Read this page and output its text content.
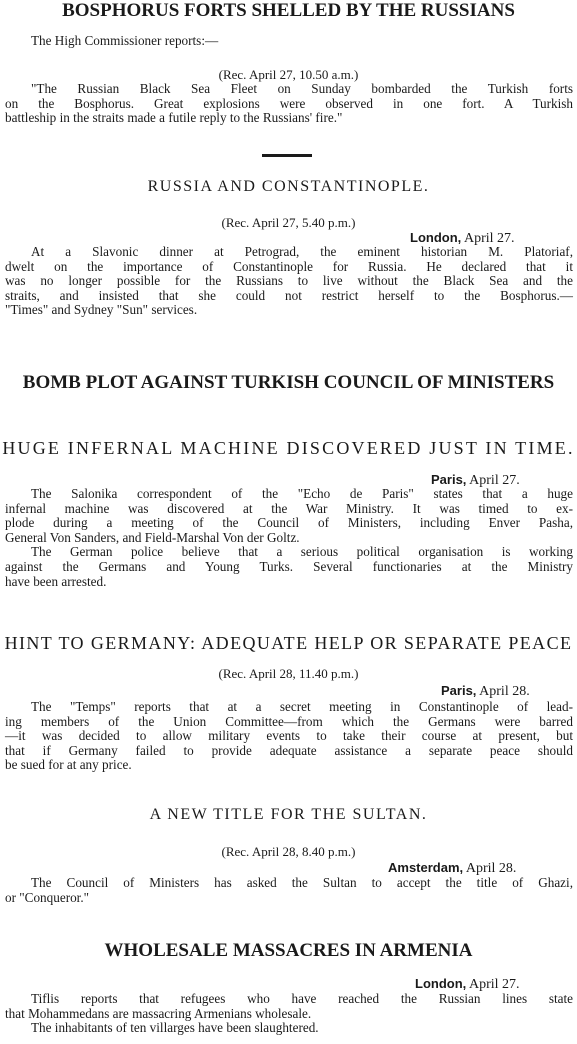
BOSPHORUS FORTS SHELLED BY THE RUSSIANS
The High Commissioner reports:—
(Rec. April 27, 10.50 a.m.)
"The Russian Black Sea Fleet on Sunday bombarded the Turkish forts
on the Bosphorus. Great explosions were observed in one fort. A Turkish
battleship in the straits made a futile reply to the Russians' fire."
RUSSIA AND CONSTANTINOPLE.
(Rec. April 27, 5.40 p.m.)
London, April 27.
At a Slavonic dinner at Petrograd, the eminent historian M. Platoriaf,
dwelt on the importance of Constantinople for Russia. He declared that it
was no longer possible for the Russians to live without the Black Sea and the
straits, and insisted that she could not restrict herself to the Bosphorus.—
"Times" and Sydney "Sun" services.
BOMB PLOT AGAINST TURKISH COUNCIL OF MINISTERS
HUGE INFERNAL MACHINE DISCOVERED JUST IN TIME.
Paris, April 27.
The Salonika correspondent of the "Echo de Paris" states that a huge
infernal machine was discovered at the War Ministry. It was timed to ex-
plode during a meeting of the Council of Ministers, including Enver Pasha,
General Von Sanders, and Field-Marshal Von der Goltz.
The German police believe that a serious political organisation is working
against the Germans and Young Turks. Several functionaries at the Ministry
have been arrested.
HINT TO GERMANY: ADEQUATE HELP OR SEPARATE PEACE
(Rec. April 28, 11.40 p.m.)
Paris, April 28.
The "Temps" reports that at a secret meeting in Constantinople of lead-
ing members of the Union Committee—from which the Germans were barred
—it was decided to allow military events to take their course at present, but
that if Germany failed to provide adequate assistance a separate peace should
be sued for at any price.
A NEW TITLE FOR THE SULTAN.
(Rec. April 28, 8.40 p.m.)
Amsterdam, April 28.
The Council of Ministers has asked the Sultan to accept the title of Ghazi,
or "Conqueror."
WHOLESALE MASSACRES IN ARMENIA
London, April 27.
Tiflis reports that refugees who have reached the Russian lines state
that Mohammedans are massacring Armenians wholesale.
The inhabitants of ten villarges have been slaughtered.
